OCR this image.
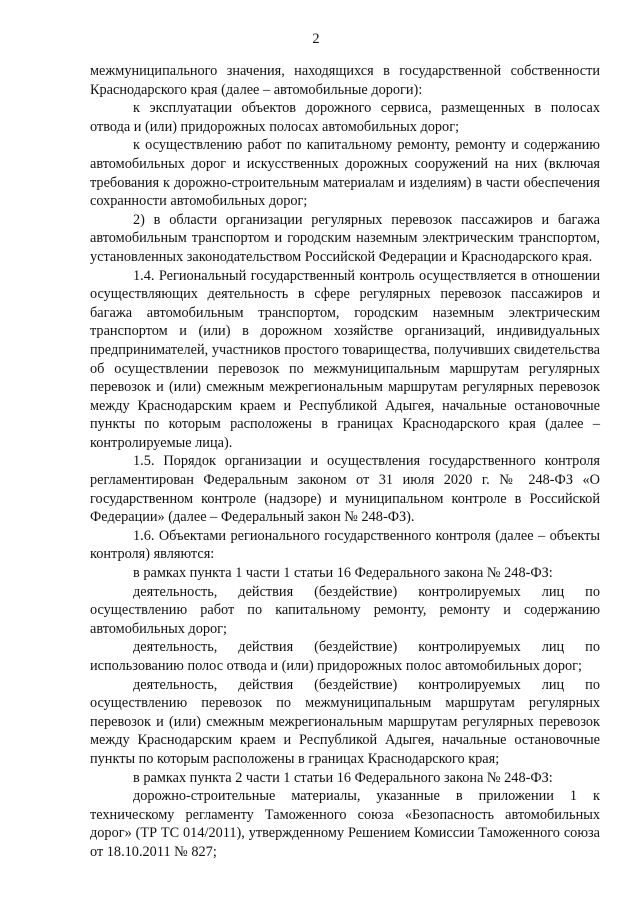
2

межмуниципального значения, находящихся в государственной собственности Краснодарского края (далее – автомобильные дороги):

к эксплуатации объектов дорожного сервиса, размещенных в полосах отвода и (или) придорожных полосах автомобильных дорог;

к осуществлению работ по капитальному ремонту, ремонту и содержанию автомобильных дорог и искусственных дорожных сооружений на них (включая требования к дорожно-строительным материалам и изделиям) в части обеспечения сохранности автомобильных дорог;

2) в области организации регулярных перевозок пассажиров и багажа автомобильным транспортом и городским наземным электрическим транспортом, установленных законодательством Российской Федерации и Краснодарского края.

1.4. Региональный государственный контроль осуществляется в отношении осуществляющих деятельность в сфере регулярных перевозок пассажиров и багажа автомобильным транспортом, городским наземным электрическим транспортом и (или) в дорожном хозяйстве организаций, индивидуальных предпринимателей, участников простого товарищества, получивших свидетельства об осуществлении перевозок по межмуниципальным маршрутам регулярных перевозок и (или) смежным межрегиональным маршрутам регулярных перевозок между Краснодарским краем и Республикой Адыгея, начальные остановочные пункты по которым расположены в границах Краснодарского края (далее – контролируемые лица).

1.5. Порядок организации и осуществления государственного контроля регламентирован Федеральным законом от 31 июля 2020 г. № 248-ФЗ «О государственном контроле (надзоре) и муниципальном контроле в Российской Федерации» (далее – Федеральный закон № 248-ФЗ).

1.6. Объектами регионального государственного контроля (далее – объекты контроля) являются:

в рамках пункта 1 части 1 статьи 16 Федерального закона № 248-ФЗ:

деятельность, действия (бездействие) контролируемых лиц по осуществлению работ по капитальному ремонту, ремонту и содержанию автомобильных дорог;

деятельность, действия (бездействие) контролируемых лиц по использованию полос отвода и (или) придорожных полос автомобильных дорог;

деятельность, действия (бездействие) контролируемых лиц по осуществлению перевозок по межмуниципальным маршрутам регулярных перевозок и (или) смежным межрегиональным маршрутам регулярных перевозок между Краснодарским краем и Республикой Адыгея, начальные остановочные пункты по которым расположены в границах Краснодарского края;

в рамках пункта 2 части 1 статьи 16 Федерального закона № 248-ФЗ:

дорожно-строительные материалы, указанные в приложении 1 к техническому регламенту Таможенного союза «Безопасность автомобильных дорог» (ТР ТС 014/2011), утвержденному Решением Комиссии Таможенного союза от 18.10.2011 № 827;
